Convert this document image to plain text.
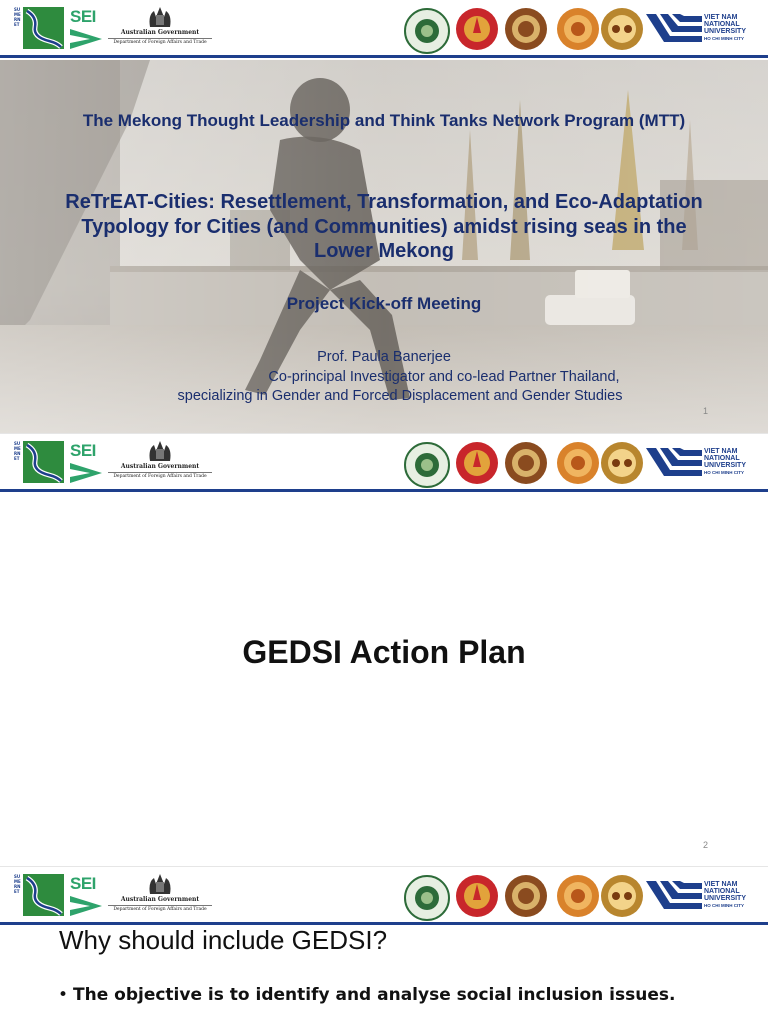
SUMERNET	SEI
Australian Government
Department of Foreign Affairs and Trade
VIET NAM
NATIONAL
UNIVERSITY
HO CHI MINH CITY
The Mekong Thought Leadership and Think Tanks Network Program (MTT)
ReTrEAT-Cities: Resettlement, Transformation, and Eco-Adaptation Typology for Cities (and Communities) amidst rising seas in the Lower Mekong
Project Kick-off Meeting
Prof. Paula Banerjee
Co-principal Investigator and co-lead Partner Thailand,
specializing in Gender and Forced Displacement and Gender Studies
1
SUMERNET	SEI
Australian Government
Department of Foreign Affairs and Trade
VIET NAM
NATIONAL
UNIVERSITY
HO CHI MINH CITY
GEDSI Action Plan
2
SUMERNET	SEI
Australian Government
Department of Foreign Affairs and Trade
VIET NAM
NATIONAL
UNIVERSITY
HO CHI MINH CITY
Why should include GEDSI?
• The objective is to identify and analyse social inclusion issues.
